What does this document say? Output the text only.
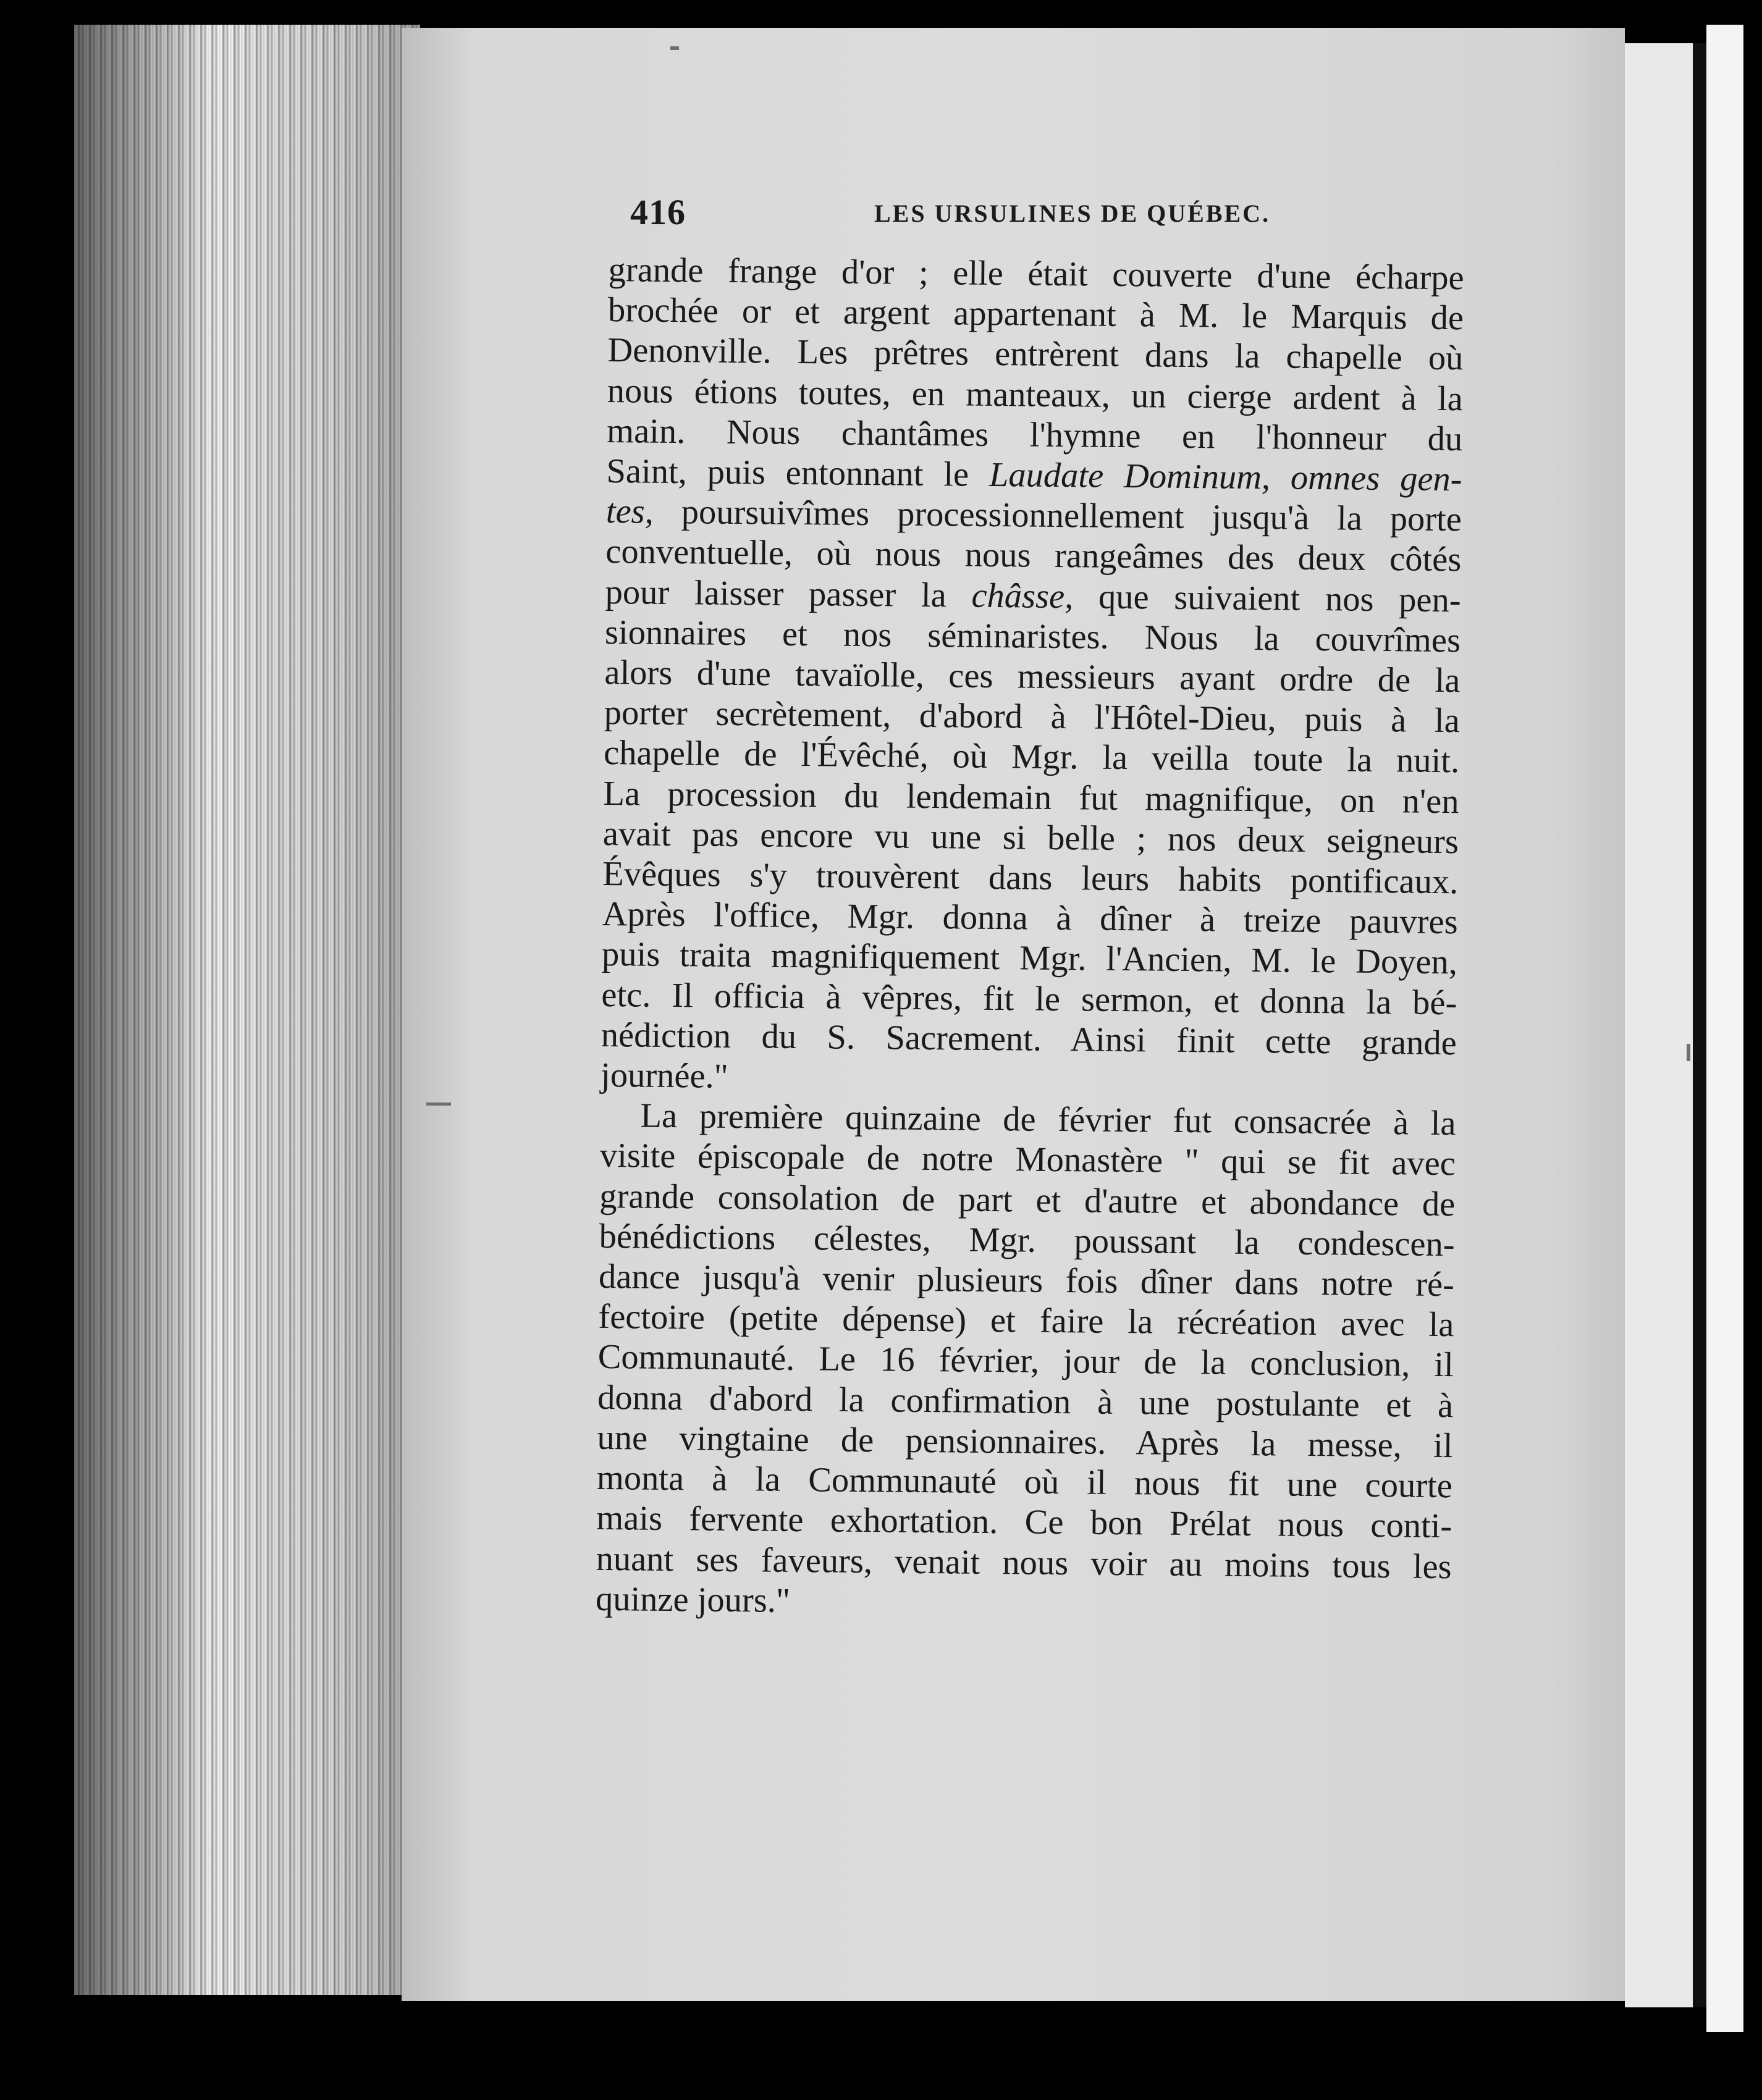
416	LES URSULINES DE QUÉBEC.
grande frange d'or ; elle était couverte d'une écharpe
brochée or et argent appartenant à M. le Marquis de
Denonville. Les prêtres entrèrent dans la chapelle où
nous étions toutes, en manteaux, un cierge ardent à la
main. Nous chantâmes l'hymne en l'honneur du
Saint, puis entonnant le Laudate Dominum, omnes gen-
tes, poursuivîmes processionnellement jusqu'à la porte
conventuelle, où nous nous rangeâmes des deux côtés
pour laisser passer la châsse, que suivaient nos pen-
sionnaires et nos séminaristes. Nous la couvrîmes
alors d'une tavaïolle, ces messieurs ayant ordre de la
porter secrètement, d'abord à l'Hôtel-Dieu, puis à la
chapelle de l'Évêché, où Mgr. la veilla toute la nuit.
La procession du lendemain fut magnifique, on n'en
avait pas encore vu une si belle ; nos deux seigneurs
Évêques s'y trouvèrent dans leurs habits pontificaux.
Après l'office, Mgr. donna à dîner à treize pauvres
puis traita magnifiquement Mgr. l'Ancien, M. le Doyen,
etc. Il officia à vêpres, fit le sermon, et donna la bé-
nédiction du S. Sacrement. Ainsi finit cette grande
journée."
La première quinzaine de février fut consacrée à la
visite épiscopale de notre Monastère " qui se fit avec
grande consolation de part et d'autre et abondance de
bénédictions célestes, Mgr. poussant la condescen-
dance jusqu'à venir plusieurs fois dîner dans notre ré-
fectoire (petite dépense) et faire la récréation avec la
Communauté. Le 16 février, jour de la conclusion, il
donna d'abord la confirmation à une postulante et à
une vingtaine de pensionnaires. Après la messe, il
monta à la Communauté où il nous fit une courte
mais fervente exhortation. Ce bon Prélat nous conti-
nuant ses faveurs, venait nous voir au moins tous les
quinze jours."
